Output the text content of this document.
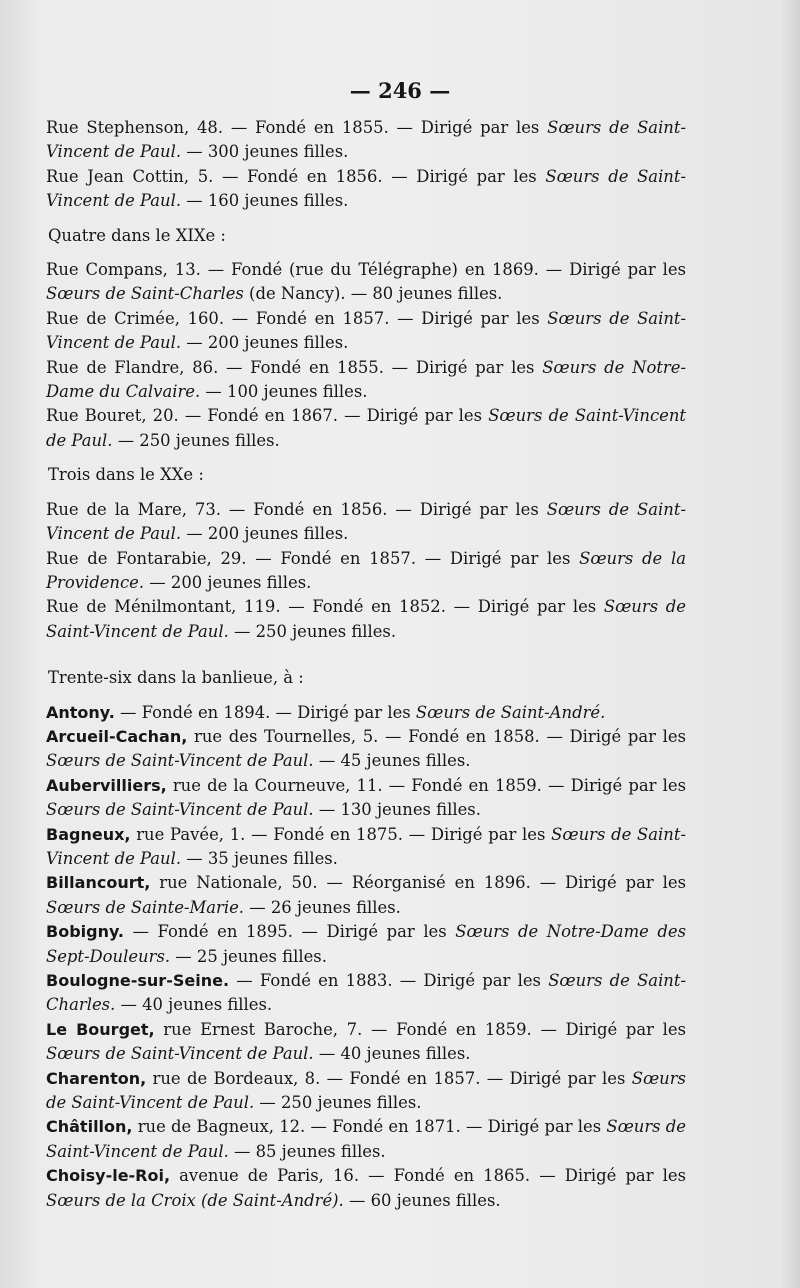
— 246 —

Rue Stephenson, 48. — Fondé en 1855. — Dirigé par les Sœurs de Saint-Vincent de Paul. — 300 jeunes filles.

Rue Jean Cottin, 5. — Fondé en 1856. — Dirigé par les Sœurs de Saint-Vincent de Paul. — 160 jeunes filles.

Quatre dans le XIXe :

Rue Compans, 13. — Fondé (rue du Télégraphe) en 1869. — Dirigé par les Sœurs de Saint-Charles (de Nancy). — 80 jeunes filles.

Rue de Crimée, 160. — Fondé en 1857. — Dirigé par les Sœurs de Saint-Vincent de Paul. — 200 jeunes filles.

Rue de Flandre, 86. — Fondé en 1855. — Dirigé par les Sœurs de Notre-Dame du Calvaire. — 100 jeunes filles.

Rue Bouret, 20. — Fondé en 1867. — Dirigé par les Sœurs de Saint-Vincent de Paul. — 250 jeunes filles.

Trois dans le XXe :

Rue de la Mare, 73. — Fondé en 1856. — Dirigé par les Sœurs de Saint-Vincent de Paul. — 200 jeunes filles.

Rue de Fontarabie, 29. — Fondé en 1857. — Dirigé par les Sœurs de la Providence. — 200 jeunes filles.

Rue de Ménilmontant, 119. — Fondé en 1852. — Dirigé par les Sœurs de Saint-Vincent de Paul. — 250 jeunes filles.

Trente-six dans la banlieue, à :

Antony. — Fondé en 1894. — Dirigé par les Sœurs de Saint-André.

Arcueil-Cachan, rue des Tournelles, 5. — Fondé en 1858. — Dirigé par les Sœurs de Saint-Vincent de Paul. — 45 jeunes filles.

Aubervilliers, rue de la Courneuve, 11. — Fondé en 1859. — Dirigé par les Sœurs de Saint-Vincent de Paul. — 130 jeunes filles.

Bagneux, rue Pavée, 1. — Fondé en 1875. — Dirigé par les Sœurs de Saint-Vincent de Paul. — 35 jeunes filles.

Billancourt, rue Nationale, 50. — Réorganisé en 1896. — Dirigé par les Sœurs de Sainte-Marie. — 26 jeunes filles.

Bobigny. — Fondé en 1895. — Dirigé par les Sœurs de Notre-Dame des Sept-Douleurs. — 25 jeunes filles.

Boulogne-sur-Seine. — Fondé en 1883. — Dirigé par les Sœurs de Saint-Charles. — 40 jeunes filles.

Le Bourget, rue Ernest Baroche, 7. — Fondé en 1859. — Dirigé par les Sœurs de Saint-Vincent de Paul. — 40 jeunes filles.

Charenton, rue de Bordeaux, 8. — Fondé en 1857. — Dirigé par les Sœurs de Saint-Vincent de Paul. — 250 jeunes filles.

Châtillon, rue de Bagneux, 12. — Fondé en 1871. — Dirigé par les Sœurs de Saint-Vincent de Paul. — 85 jeunes filles.

Choisy-le-Roi, avenue de Paris, 16. — Fondé en 1865. — Dirigé par les Sœurs de la Croix (de Saint-André). — 60 jeunes filles.
